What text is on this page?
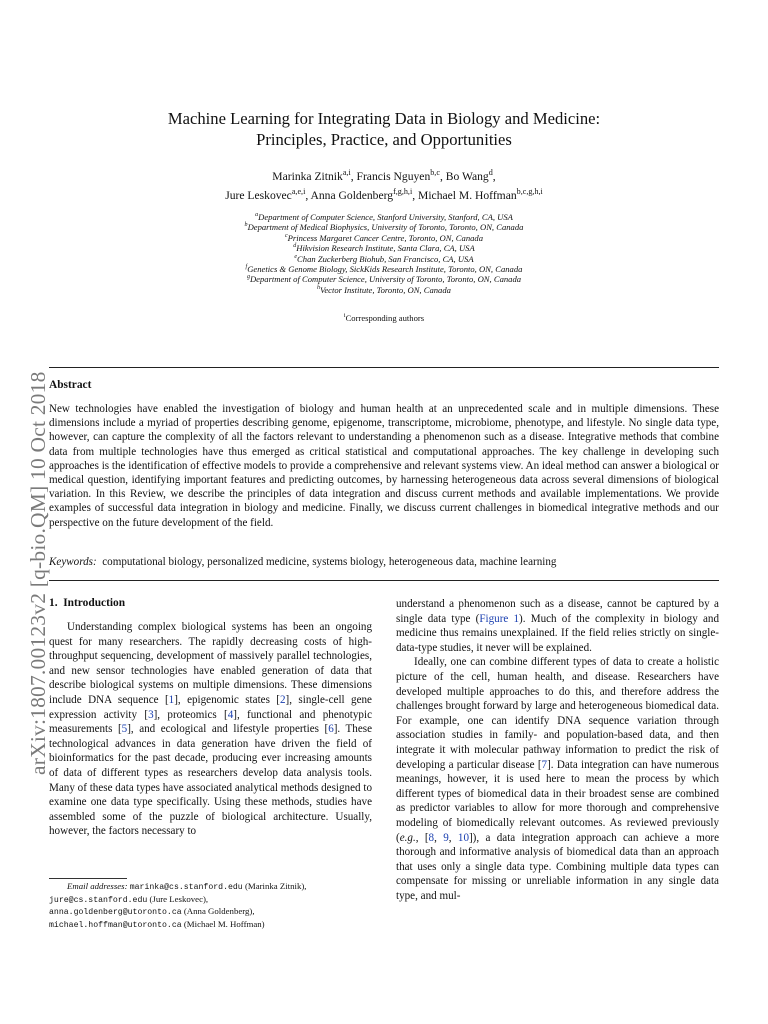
arXiv:1807.00123v2 [q-bio.QM] 10 Oct 2018
Machine Learning for Integrating Data in Biology and Medicine:
Principles, Practice, and Opportunities
Marinka Zitnik$^{a,i}$, Francis Nguyen$^{b,c}$, Bo Wang$^d$,
Jure Leskovec$^{a,e,i}$, Anna Goldenberg$^{f,g,h,i}$, Michael M. Hoffman$^{b,c,g,h,i}$
$^a$Department of Computer Science, Stanford University, Stanford, CA, USA
$^b$Department of Medical Biophysics, University of Toronto, Toronto, ON, Canada
$^c$Princess Margaret Cancer Centre, Toronto, ON, Canada
$^d$Hikvision Research Institute, Santa Clara, CA, USA
$^e$Chan Zuckerberg Biohub, San Francisco, CA, USA
$^f$Genetics & Genome Biology, SickKids Research Institute, Toronto, ON, Canada
$^g$Department of Computer Science, University of Toronto, Toronto, ON, Canada
$^h$Vector Institute, Toronto, ON, Canada
$^i$Corresponding authors
Abstract
New technologies have enabled the investigation of biology and human health at an unprecedented scale and in multiple dimensions. These dimensions include a myriad of properties describing genome, epigenome, transcriptome, microbiome, phenotype, and lifestyle. No single data type, however, can capture the complexity of all the factors relevant to understanding a phenomenon such as a disease. Integrative methods that combine data from multiple technologies have thus emerged as critical statistical and computational approaches. The key challenge in developing such approaches is the identification of effective models to provide a comprehensive and relevant systems view. An ideal method can answer a biological or medical question, identifying important features and predicting outcomes, by harnessing heterogeneous data across several dimensions of biological variation. In this Review, we describe the principles of data integration and discuss current methods and available implementations. We provide examples of successful data integration in biology and medicine. Finally, we discuss current challenges in biomedical integrative methods and our perspective on the future development of the field.
Keywords: computational biology, personalized medicine, systems biology, heterogeneous data, machine learning
1. Introduction
Understanding complex biological systems has been an ongoing quest for many researchers. The rapidly decreasing costs of high-throughput sequencing, development of massively parallel technologies, and new sensor technologies have enabled generation of data that describe biological systems on multiple dimensions. These dimensions include DNA sequence [1], epigenomic states [2], single-cell gene expression activity [3], proteomics [4], functional and phenotypic measurements [5], and ecological and lifestyle properties [6]. These technological advances in data generation have driven the field of bioinformatics for the past decade, producing ever increasing amounts of data of different types as researchers develop data analysis tools. Many of these data types have associated analytical methods designed to examine one data type specifically. Using these methods, studies have assembled some of the puzzle of biological architecture. Usually, however, the factors necessary to

understand a phenomenon such as a disease, cannot be captured by a single data type (Figure 1). Much of the complexity in biology and medicine thus remains unexplained. If the field relies strictly on single-data-type studies, it never will be explained.

Ideally, one can combine different types of data to create a holistic picture of the cell, human health, and disease. Researchers have developed multiple approaches to do this, and therefore address the challenges brought forward by large and heterogeneous biomedical data. For example, one can identify DNA sequence variation through association studies in family- and population-based data, and then integrate it with molecular pathway information to predict the risk of developing a particular disease [7]. Data integration can have numerous meanings, however, it is used here to mean the process by which different types of biomedical data in their broadest sense are combined as predictor variables to allow for more thorough and comprehensive modeling of biomedically relevant outcomes. As reviewed previously (e.g., [8, 9, 10]), a data integration approach can achieve a more thorough and informative analysis of biomedical data than an approach that uses only a single data type. Combining multiple data types can compensate for missing or unreliable information in any single data type, and mul-

Email addresses: marinka@cs.stanford.edu (Marinka Zitnik),
jure@cs.stanford.edu (Jure Leskovec),
anna.goldenberg@utoronto.ca (Anna Goldenberg),
michael.hoffman@utoronto.ca (Michael M. Hoffman)
